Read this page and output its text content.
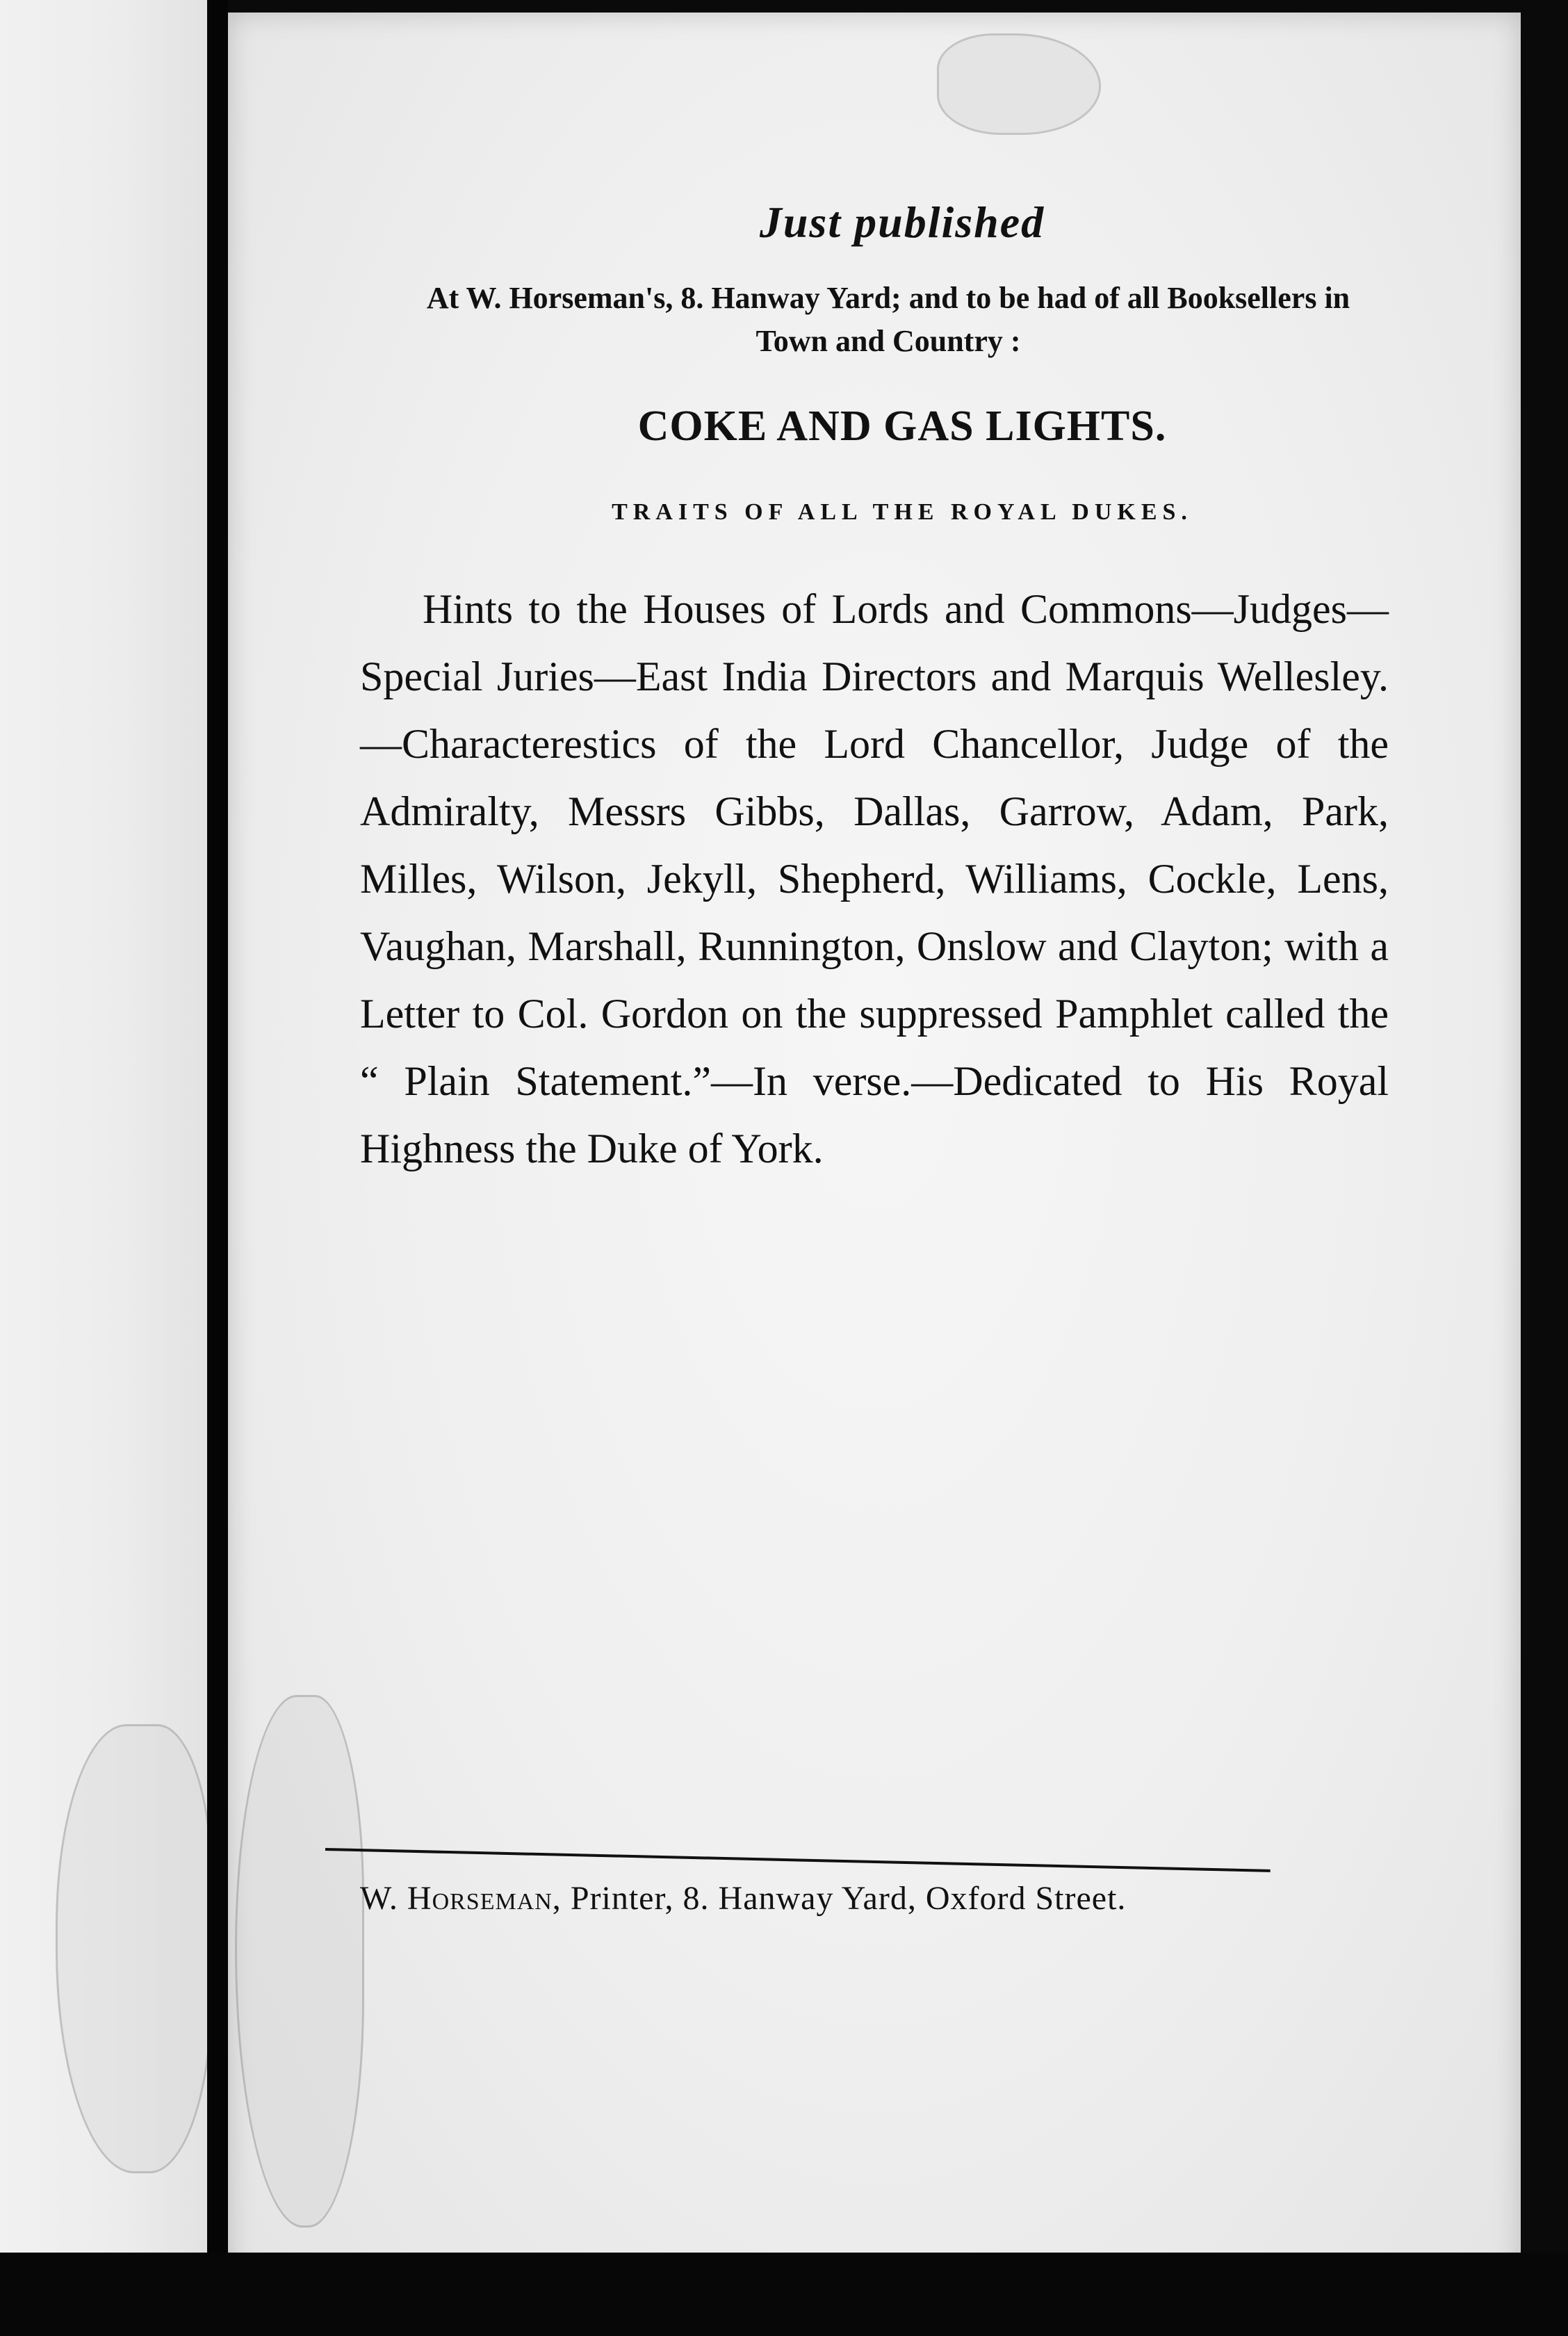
Just published
At W. Horseman's, 8. Hanway Yard; and to be had of all Booksellers in Town and Country :
COKE AND GAS LIGHTS.
TRAITS OF ALL THE ROYAL DUKES.
Hints to the Houses of Lords and Commons—Judges—Special Juries—East India Directors and Marquis Wellesley.—Characterestics of the Lord Chancellor, Judge of the Admiralty, Messrs Gibbs, Dallas, Garrow, Adam, Park, Milles, Wilson, Jekyll, Shepherd, Williams, Cockle, Lens, Vaughan, Marshall, Runnington, Onslow and Clayton; with a Letter to Col. Gordon on the suppressed Pamphlet called the “ Plain Statement.”—In verse.—Dedicated to His Royal Highness the Duke of York.
W. Horseman, Printer, 8. Hanway Yard, Oxford Street.
